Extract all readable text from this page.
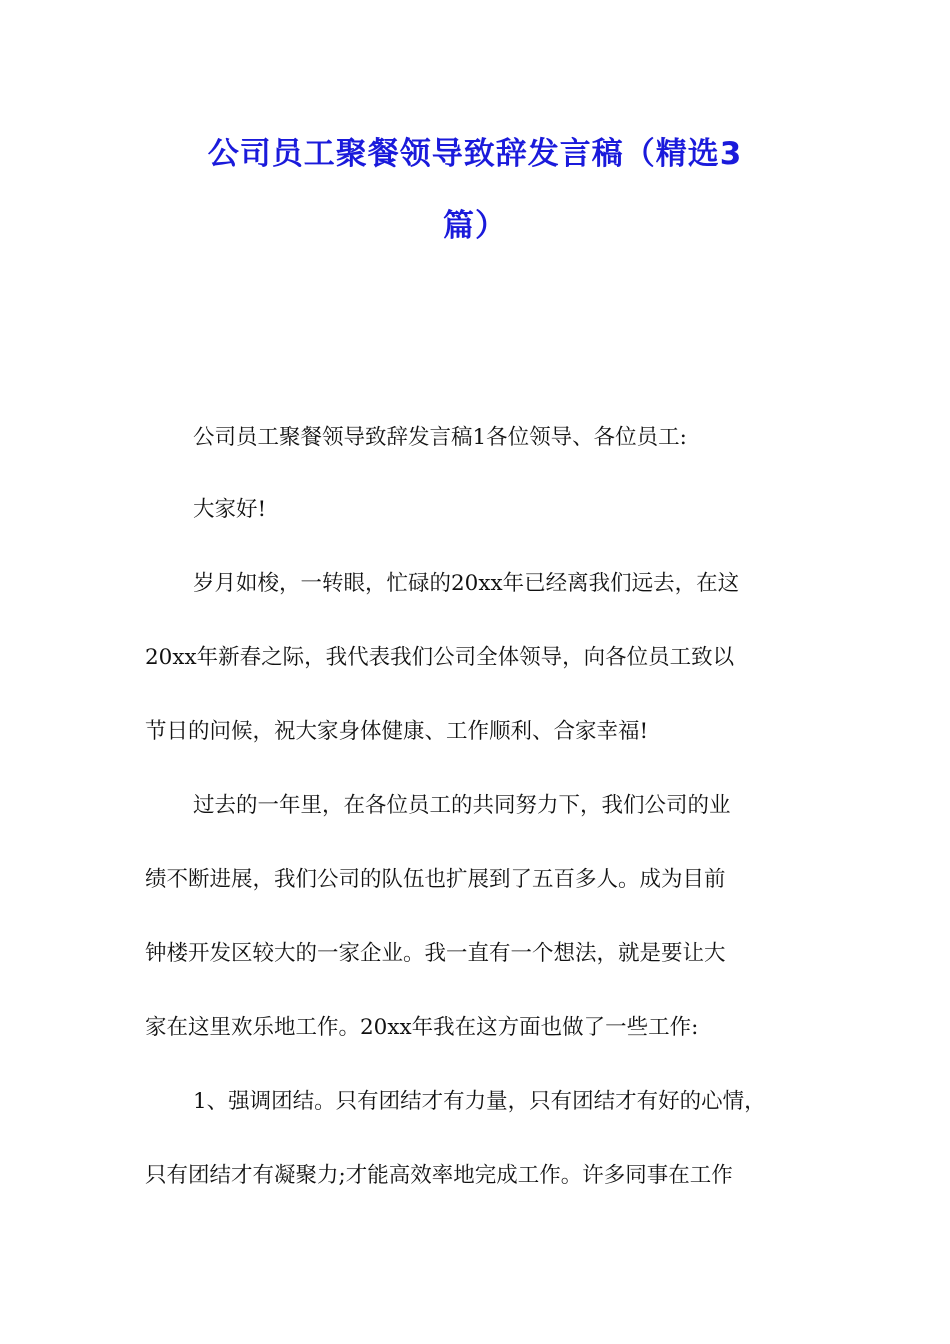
公司员工聚餐领导致辞发言稿（精选3
篇）
公司员工聚餐领导致辞发言稿1各位领导、各位员工:
大家好!
岁月如梭，一转眼，忙碌的20xx年已经离我们远去，在这
20xx年新春之际，我代表我们公司全体领导，向各位员工致以
节日的问候，祝大家身体健康、工作顺利、合家幸福!
过去的一年里，在各位员工的共同努力下，我们公司的业
绩不断进展，我们公司的队伍也扩展到了五百多人。成为目前
钟楼开发区较大的一家企业。我一直有一个想法，就是要让大
家在这里欢乐地工作。20xx年我在这方面也做了一些工作:
1、强调团结。只有团结才有力量，只有团结才有好的心情，
只有团结才有凝聚力;才能高效率地完成工作。许多同事在工作
